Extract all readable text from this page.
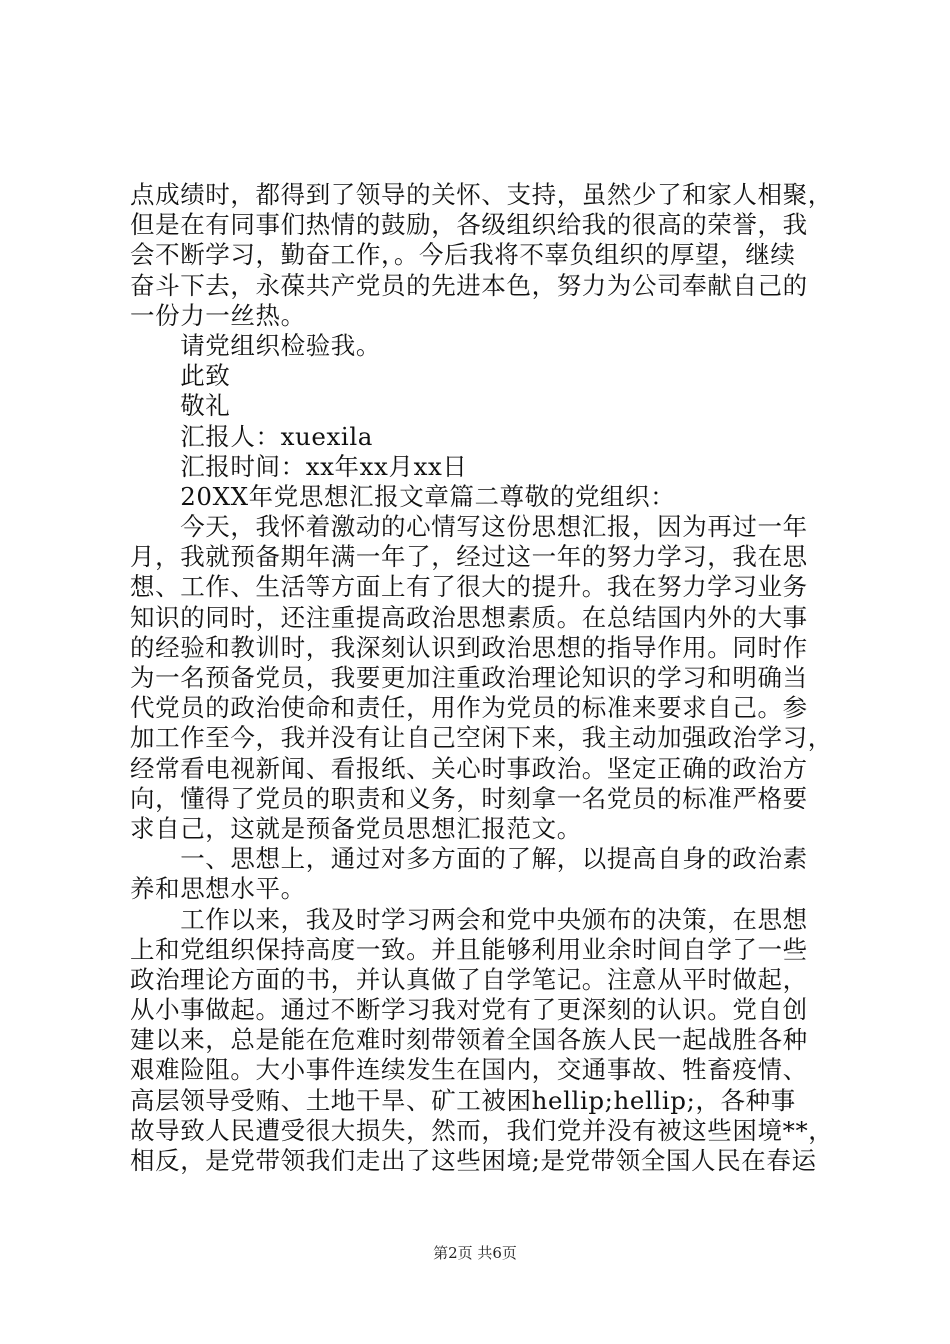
点成绩时，都得到了领导的关怀、支持，虽然少了和家人相聚，
但是在有同事们热情的鼓励，各级组织给我的很高的荣誉，我
会不断学习，勤奋工作，。今后我将不辜负组织的厚望，继续
奋斗下去，永葆共产党员的先进本色，努力为公司奉献自己的
一份力一丝热。
　　请党组织检验我。
　　此致
　　敬礼
　　汇报人：xuexila
　　汇报时间：xx年xx月xx日
　　20XX年党思想汇报文章篇二尊敬的党组织：
　　今天，我怀着激动的心情写这份思想汇报，因为再过一年
月，我就预备期年满一年了，经过这一年的努力学习，我在思
想、工作、生活等方面上有了很大的提升。我在努力学习业务
知识的同时，还注重提高政治思想素质。在总结国内外的大事
的经验和教训时，我深刻认识到政治思想的指导作用。同时作
为一名预备党员，我要更加注重政治理论知识的学习和明确当
代党员的政治使命和责任，用作为党员的标准来要求自己。参
加工作至今，我并没有让自己空闲下来，我主动加强政治学习，
经常看电视新闻、看报纸、关心时事政治。坚定正确的政治方
向，懂得了党员的职责和义务，时刻拿一名党员的标准严格要
求自己，这就是预备党员思想汇报范文。
　　一、思想上，通过对多方面的了解，以提高自身的政治素
养和思想水平。
　　工作以来，我及时学习两会和党中央颁布的决策，在思想
上和党组织保持高度一致。并且能够利用业余时间自学了一些
政治理论方面的书，并认真做了自学笔记。注意从平时做起，
从小事做起。通过不断学习我对党有了更深刻的认识。党自创
建以来，总是能在危难时刻带领着全国各族人民一起战胜各种
艰难险阻。大小事件连续发生在国内，交通事故、牲畜疫情、
高层领导受贿、土地干旱、矿工被困hellip;hellip;，各种事
故导致人民遭受很大损失，然而，我们党并没有被这些困境**，
相反，是党带领我们走出了这些困境;是党带领全国人民在春运
第2页 共6页
